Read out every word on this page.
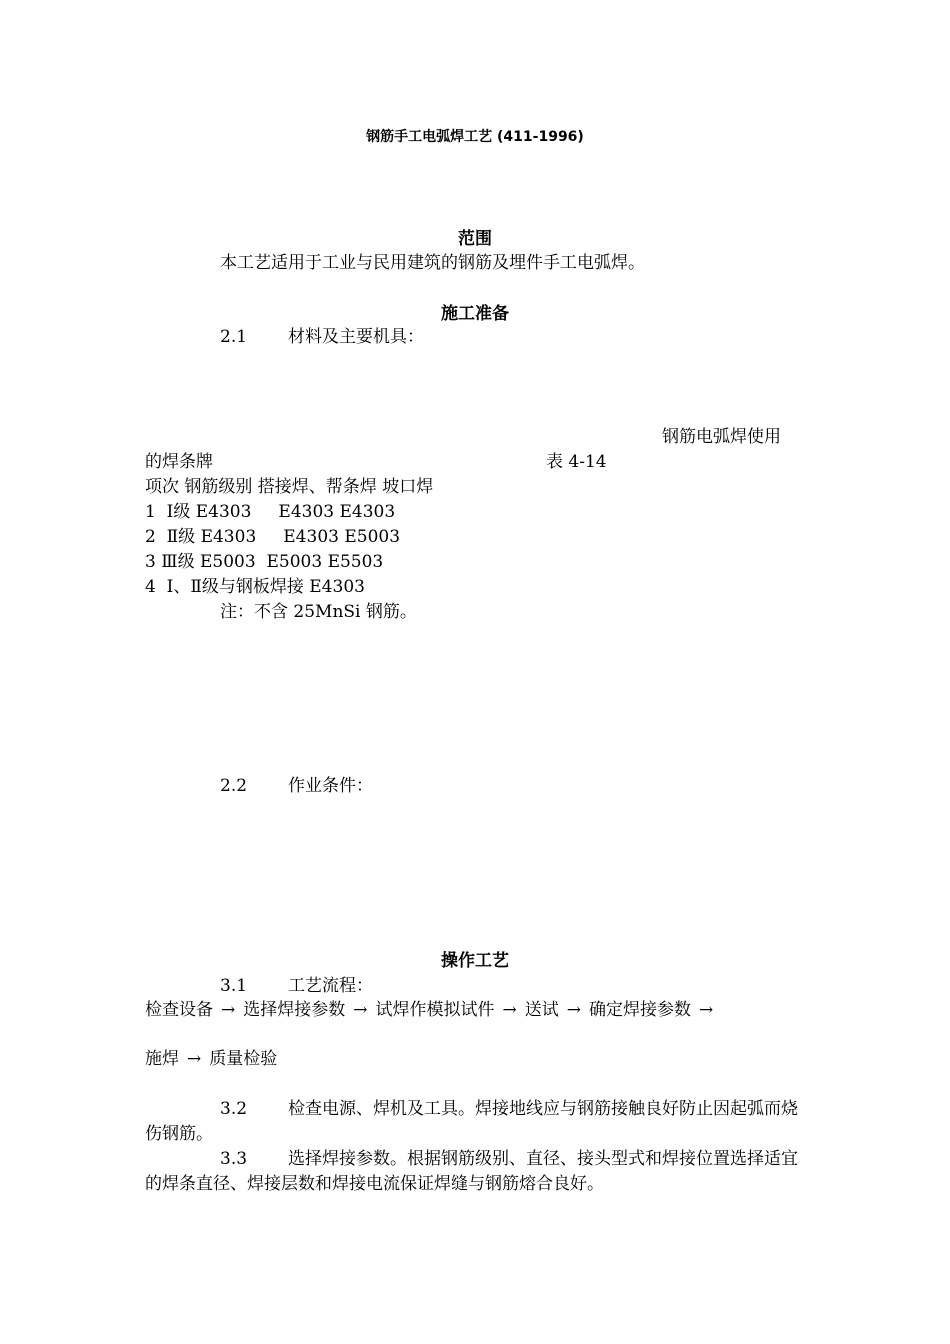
钢筋手工电弧焊工艺 (411-1996)
范围

本工艺适用于工业与民用建筑的钢筋及埋件手工电弧焊。

施工准备

2.1 材料及主要机具：

钢筋电弧焊使用

的焊条牌	表 4-14

项次 钢筋级别 搭接焊、帮条焊 坡口焊

1  Ⅰ级 E4303     E4303 E4303

2  Ⅱ级 E4303     E4303 E5003

3 Ⅲ级 E5003  E5003 E5503

4  Ⅰ、Ⅱ级与钢板焊接 E4303

注：不含 25MnSi 钢筋。

2.2 作业条件：

操作工艺

3.1 工艺流程：

检查设备 → 选择焊接参数 → 试焊作模拟试件 → 送试 → 确定焊接参数 →

施焊 → 质量检验

3.2 检查电源、焊机及工具。焊接地线应与钢筋接触良好防止因起弧而烧伤钢筋。

3.3 选择焊接参数。根据钢筋级别、直径、接头型式和焊接位置选择适宜的焊条直径、焊接层数和焊接电流保证焊缝与钢筋熔合良好。
